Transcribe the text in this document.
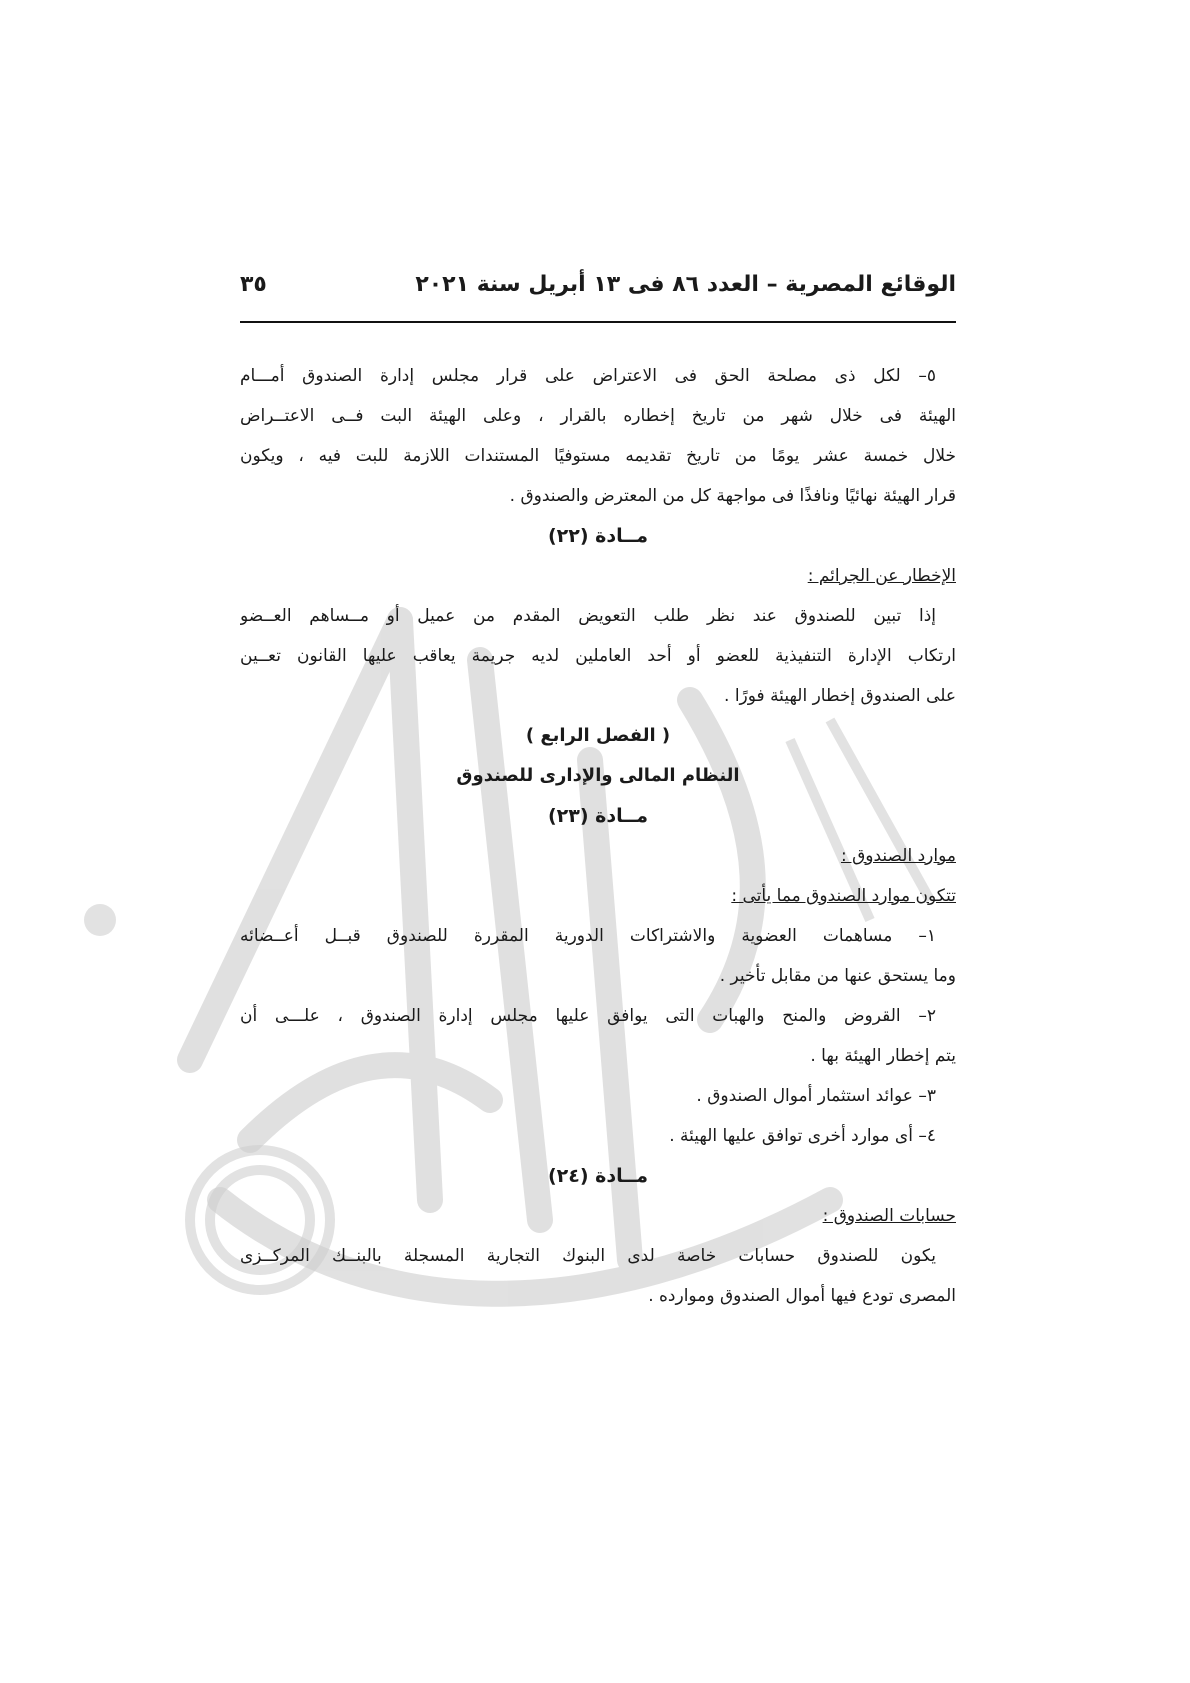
الوقائع المصرية – العدد ٨٦ فى ١٣ أبريل سنة ٢٠٢١
٣٥
٥– لكل ذى مصلحة الحق فى الاعتراض على قرار مجلس إدارة الصندوق أمـــام
الهيئة فى خلال شهر من تاريخ إخطاره بالقرار ، وعلى الهيئة البت فــى الاعتــراض
خلال خمسة عشر يومًا من تاريخ تقديمه مستوفيًا المستندات اللازمة للبت فيه ، ويكون
قرار الهيئة نهائيًا ونافذًا فى مواجهة كل من المعترض والصندوق .
مــادة (٢٢)
الإخطار عن الجرائم :
إذا تبين للصندوق عند نظر طلب التعويض المقدم من عميل أو مــساهم العــضو
ارتكاب الإدارة التنفيذية للعضو أو أحد العاملين لديه جريمة يعاقب عليها القانون تعــين
على الصندوق إخطار الهيئة فورًا .
( الفصل الرابع )
النظام المالى والإدارى للصندوق
مــادة (٢٣)
موارد الصندوق :
تتكون موارد الصندوق مما يأتى :
١– مساهمات العضوية والاشتراكات الدورية المقررة للصندوق قبــل أعــضائه
وما يستحق عنها من مقابل تأخير .
٢– القروض والمنح والهبات التى يوافق عليها مجلس إدارة الصندوق ، علـــى أن
يتم إخطار الهيئة بها .
٣– عوائد استثمار أموال الصندوق .
٤– أى موارد أخرى توافق عليها الهيئة .
مــادة (٢٤)
حسابات الصندوق :
يكون للصندوق حسابات خاصة لدى البنوك التجارية المسجلة بالبنــك المركــزى
المصرى تودع فيها أموال الصندوق وموارده .
